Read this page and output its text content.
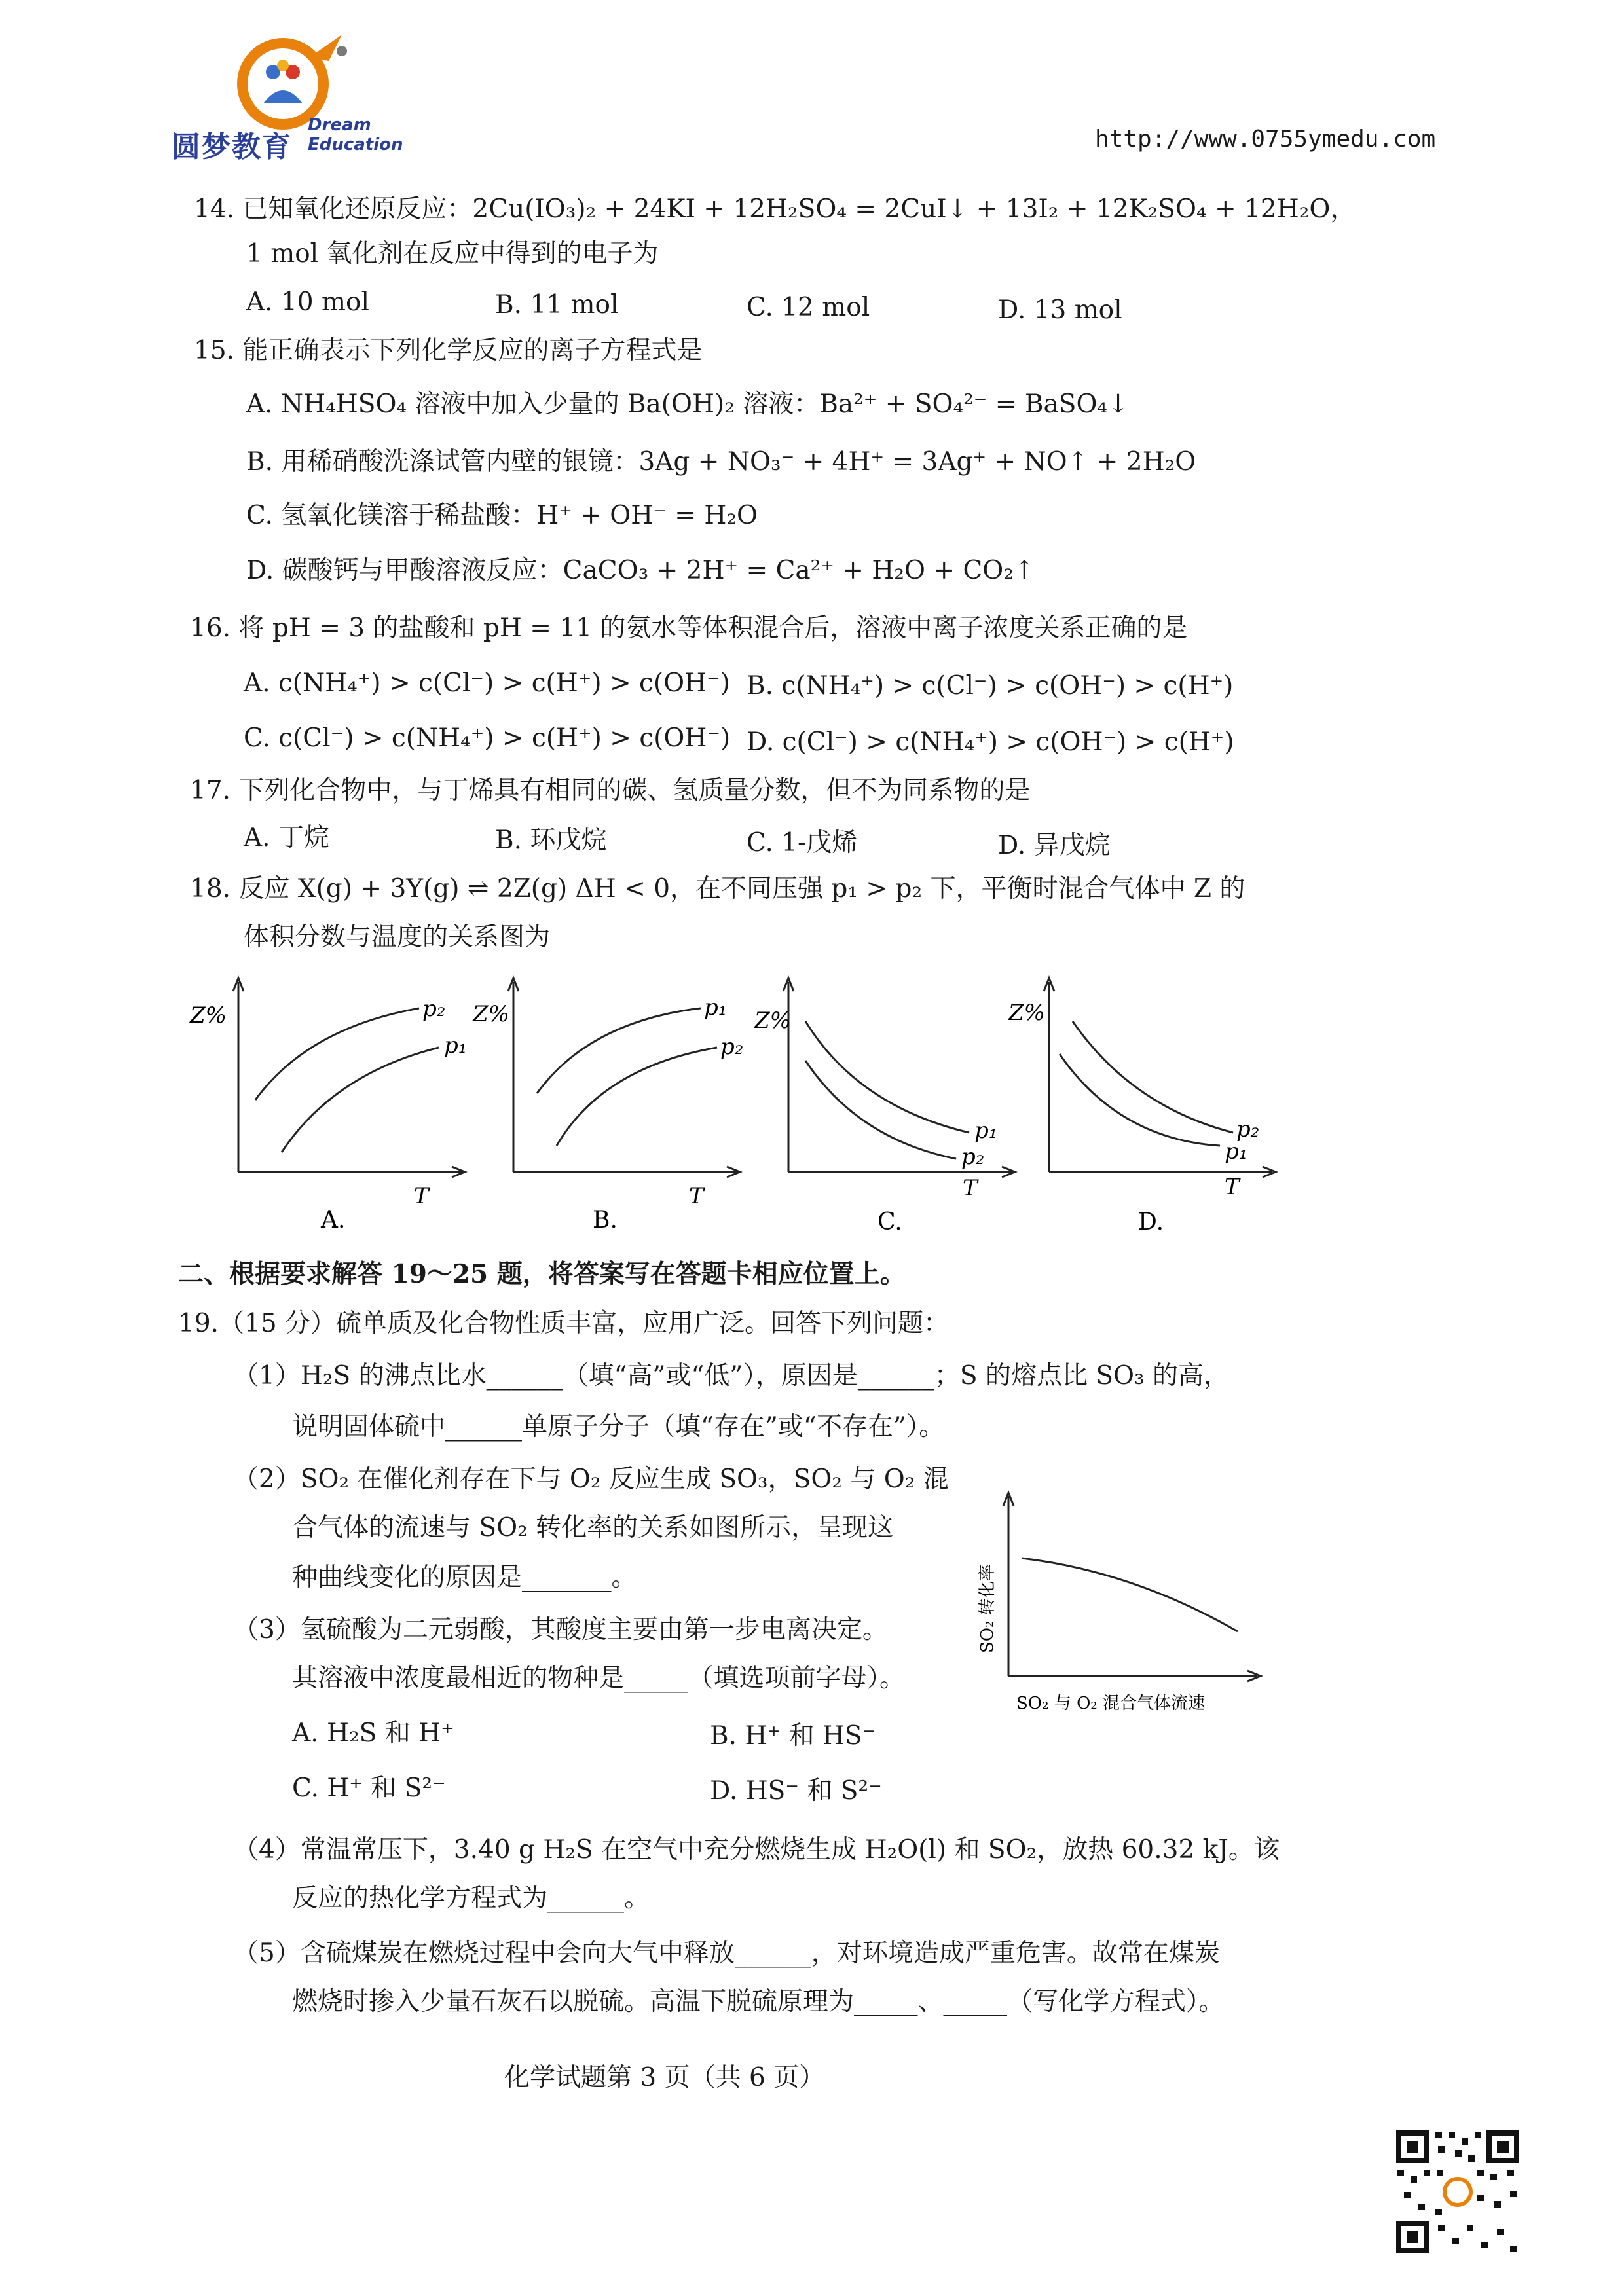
圆梦教育
Dream
Education	http://www.0755ymedu.com
14. 已知氧化还原反应：2Cu(IO₃)₂ + 24KI + 12H₂SO₄ = 2CuI↓ + 13I₂ + 12K₂SO₄ + 12H₂O，
1 mol 氧化剂在反应中得到的电子为
A. 10 mol	B. 11 mol	C. 12 mol	D. 13 mol
15. 能正确表示下列化学反应的离子方程式是
A. NH₄HSO₄ 溶液中加入少量的 Ba(OH)₂ 溶液：Ba²⁺ + SO₄²⁻ = BaSO₄↓
B. 用稀硝酸洗涤试管内壁的银镜：3Ag + NO₃⁻ + 4H⁺ = 3Ag⁺ + NO↑ + 2H₂O
C. 氢氧化镁溶于稀盐酸：H⁺ + OH⁻ = H₂O
D. 碳酸钙与甲酸溶液反应：CaCO₃ + 2H⁺ = Ca²⁺ + H₂O + CO₂↑
16. 将 pH = 3 的盐酸和 pH = 11 的氨水等体积混合后，溶液中离子浓度关系正确的是
A. c(NH₄⁺) > c(Cl⁻) > c(H⁺) > c(OH⁻) B. c(NH₄⁺) > c(Cl⁻) > c(OH⁻) > c(H⁺)
C. c(Cl⁻) > c(NH₄⁺) > c(H⁺) > c(OH⁻) D. c(Cl⁻) > c(NH₄⁺) > c(OH⁻) > c(H⁺)
17. 下列化合物中，与丁烯具有相同的碳、氢质量分数，但不为同系物的是
A. 丁烷	B. 环戊烷	C. 1-戊烯	D. 异戊烷
18. 反应 X(g) + 3Y(g) ⇌ 2Z(g) ΔH < 0，在不同压强 p₁ > p₂ 下，平衡时混合气体中 Z 的
体积分数与温度的关系图为
Z%	p₂
p₁
T
A.
Z%	p₁
p₂
T
B.
Z%
p₁
p₂
T
C.
Z%
p₂
p₁
T
D.
二、根据要求解答 19～25 题，将答案写在答题卡相应位置上。
19.（15 分）硫单质及化合物性质丰富，应用广泛。回答下列问题：
（1）H₂S 的沸点比水______（填“高”或“低”），原因是______；S 的熔点比 SO₃ 的高，
说明固体硫中______单原子分子（填“存在”或“不存在”）。
（2）SO₂ 在催化剂存在下与 O₂ 反应生成 SO₃，SO₂ 与 O₂ 混
合气体的流速与 SO₂ 转化率的关系如图所示，呈现这
种曲线变化的原因是_______。
（3）氢硫酸为二元弱酸，其酸度主要由第一步电离决定。
其溶液中浓度最相近的物种是_____（填选项前字母）。
A. H₂S 和 H⁺	B. H⁺ 和 HS⁻
C. H⁺ 和 S²⁻	D. HS⁻ 和 S²⁻
SO₂ 转化率
SO₂ 与 O₂ 混合气体流速
（4）常温常压下，3.40 g H₂S 在空气中充分燃烧生成 H₂O(l) 和 SO₂，放热 60.32 kJ。该
反应的热化学方程式为______。
（5）含硫煤炭在燃烧过程中会向大气中释放______，对环境造成严重危害。故常在煤炭
燃烧时掺入少量石灰石以脱硫。高温下脱硫原理为_____、_____（写化学方程式）。
化学试题第 3 页（共 6 页）
